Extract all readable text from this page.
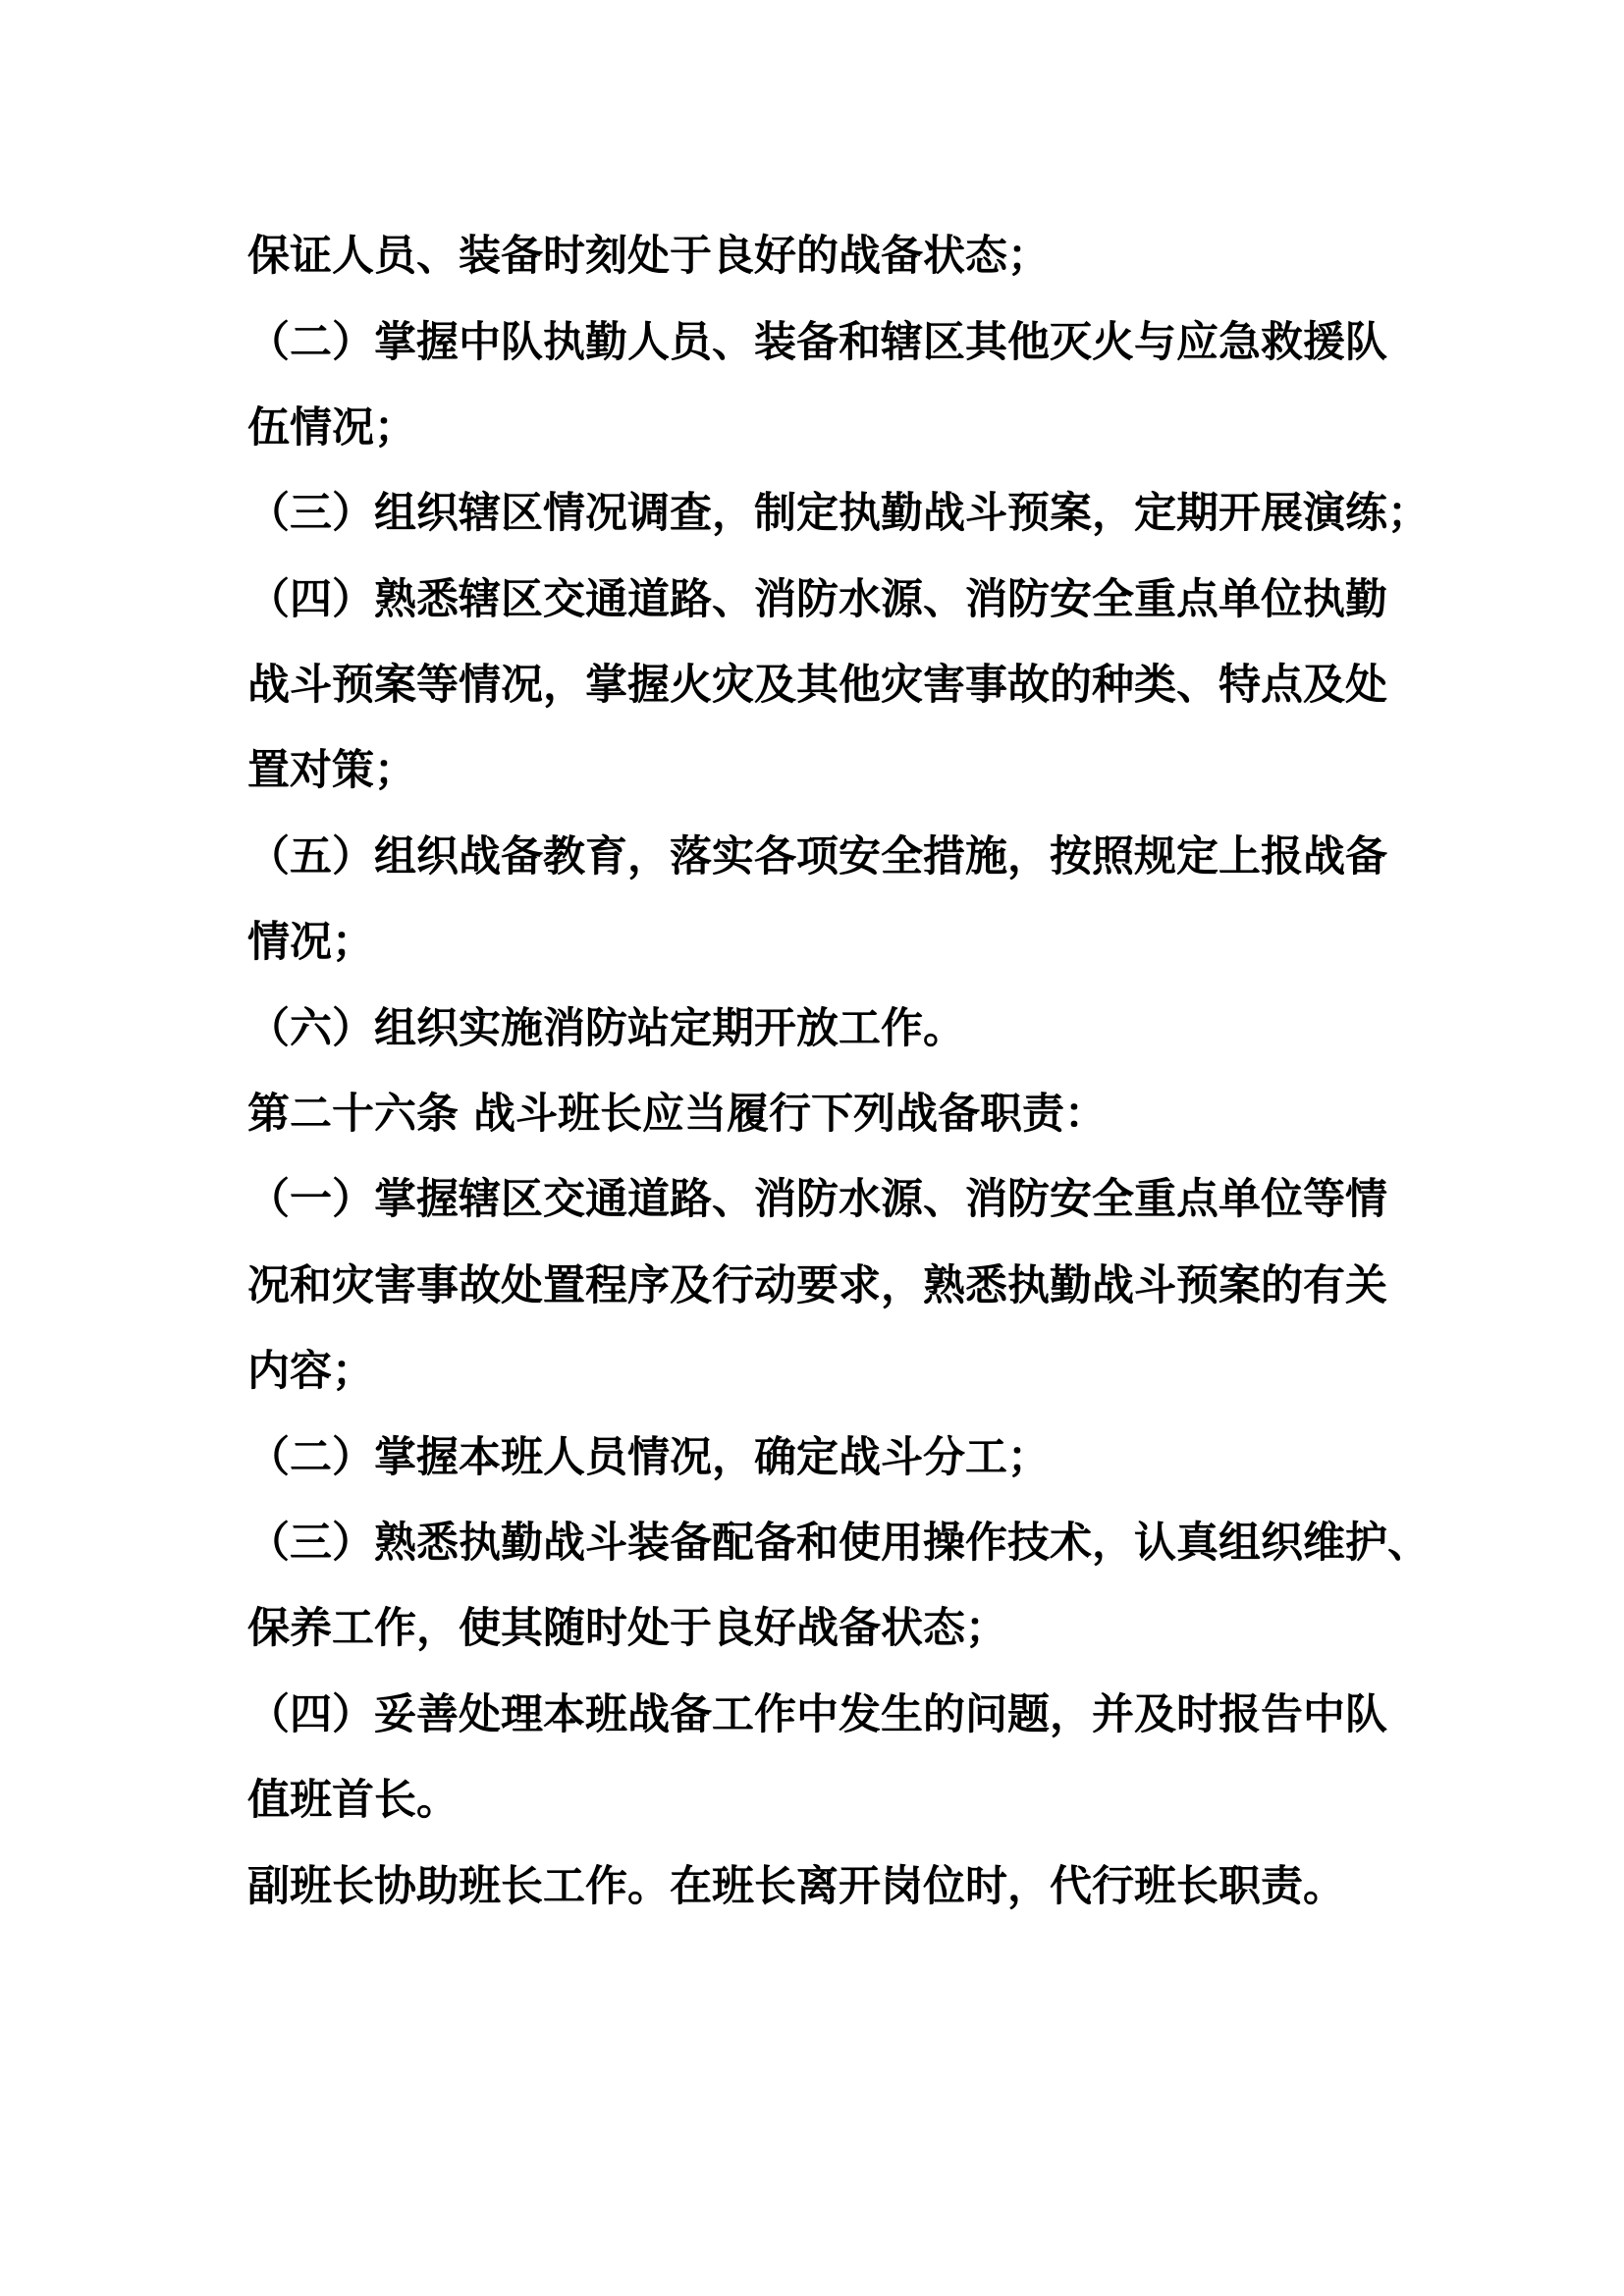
保证人员、装备时刻处于良好的战备状态；
（二）掌握中队执勤人员、装备和辖区其他灭火与应急救援队
伍情况；
（三）组织辖区情况调查，制定执勤战斗预案，定期开展演练；
（四）熟悉辖区交通道路、消防水源、消防安全重点单位执勤
战斗预案等情况，掌握火灾及其他灾害事故的种类、特点及处
置对策；
（五）组织战备教育，落实各项安全措施，按照规定上报战备
情况；
（六）组织实施消防站定期开放工作。
第二十六条 战斗班长应当履行下列战备职责：
（一）掌握辖区交通道路、消防水源、消防安全重点单位等情
况和灾害事故处置程序及行动要求，熟悉执勤战斗预案的有关
内容；
（二）掌握本班人员情况，确定战斗分工；
（三）熟悉执勤战斗装备配备和使用操作技术，认真组织维护、
保养工作，使其随时处于良好战备状态；
（四）妥善处理本班战备工作中发生的问题，并及时报告中队
值班首长。
副班长协助班长工作。在班长离开岗位时，代行班长职责。
